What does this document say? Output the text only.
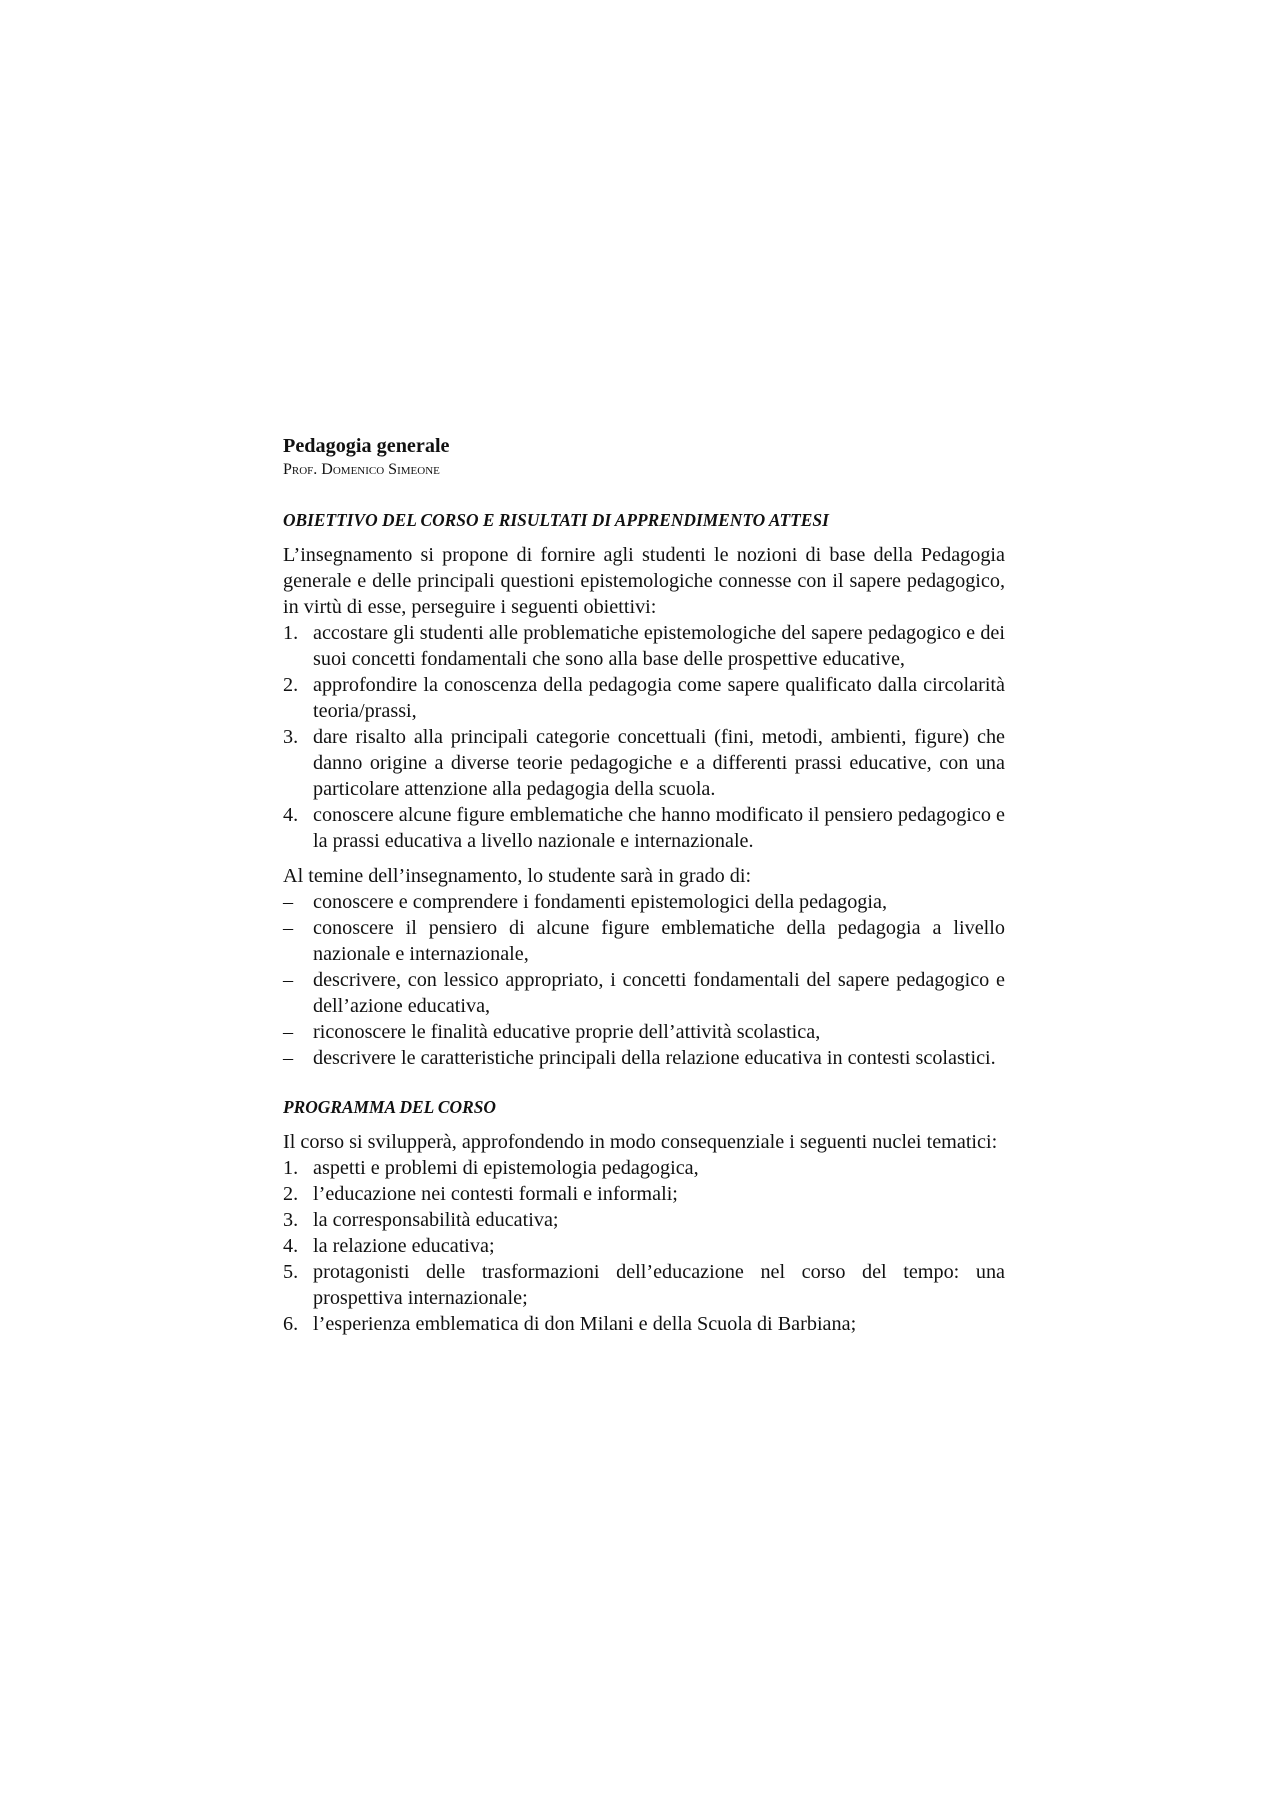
Pedagogia generale

Prof. Domenico Simeone

OBIETTIVO DEL CORSO E RISULTATI DI APPRENDIMENTO ATTESI

L’insegnamento si propone di fornire agli studenti le nozioni di base della Pedagogia generale e delle principali questioni epistemologiche connesse con il sapere pedagogico, in virtù di esse, perseguire i seguenti obiettivi:

1. accostare gli studenti alle problematiche epistemologiche del sapere pedagogico e dei suoi concetti fondamentali che sono alla base delle prospettive educative,
2. approfondire la conoscenza della pedagogia come sapere qualificato dalla circolarità teoria/prassi,
3. dare risalto alla principali categorie concettuali (fini, metodi, ambienti, figure) che danno origine a diverse teorie pedagogiche e a differenti prassi educative, con una particolare attenzione alla pedagogia della scuola.
4. conoscere alcune figure emblematiche che hanno modificato il pensiero pedagogico e la prassi educativa a livello nazionale e internazionale.

Al temine dell’insegnamento, lo studente sarà in grado di:

– conoscere e comprendere i fondamenti epistemologici della pedagogia,
– conoscere il pensiero di alcune figure emblematiche della pedagogia a livello nazionale e internazionale,
– descrivere, con lessico appropriato, i concetti fondamentali del sapere pedagogico e dell’azione educativa,
– riconoscere le finalità educative proprie dell’attività scolastica,
– descrivere le caratteristiche principali della relazione educativa in contesti scolastici.

PROGRAMMA DEL CORSO

Il corso si svilupperà, approfondendo in modo consequenziale i seguenti nuclei tematici:

1. aspetti e problemi di epistemologia pedagogica,
2. l’educazione nei contesti formali e informali;
3. la corresponsabilità educativa;
4. la relazione educativa;
5. protagonisti delle trasformazioni dell’educazione nel corso del tempo: una prospettiva internazionale;
6. l’esperienza emblematica di don Milani e della Scuola di Barbiana;
